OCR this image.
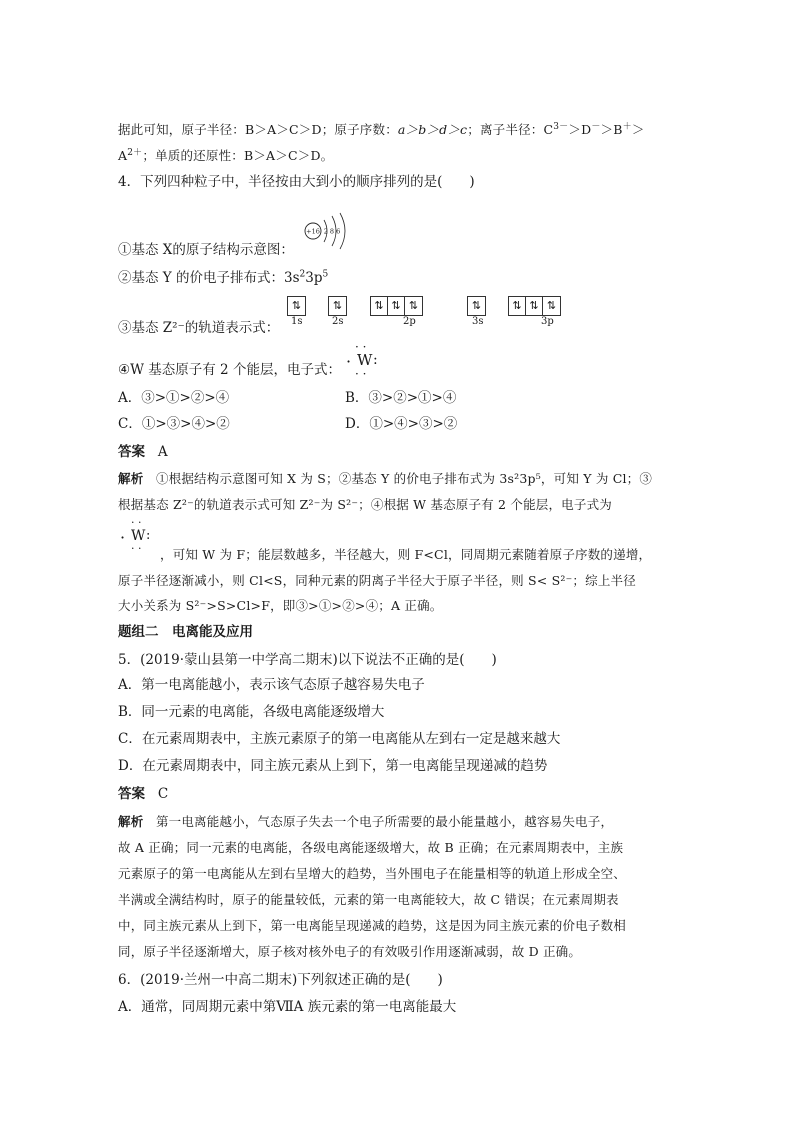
据此可知，原子半径：B＞A＞C＞D；原子序数：a＞b＞d＞c；离子半径：$C^{3-}>D^->B^+>$
$A^{2+}$；单质的还原性：B＞A＞C＞D。
4．下列四种粒子中，半径按由大到小的顺序排列的是(　　)
+16 2 8 6
①基态 X的原子结构示意图：
②基态 Y 的价电子排布式：$3s^23p^5$
③基态 Z²⁻的轨道表示式：
⇅	⇅	⇅ ⇅ ⇅	⇅	⇅ ⇅ ⇅
1s	2s	2p	3s	3p
④W 基态原子有 2 个能层，电子式：
· ·
· W :
· ·
A．③>①>②>④	B．③>②>①>④
C．①>③>④>②	D．①>④>③>②
答案 A
解析 ①根据结构示意图可知 X 为 S；②基态 Y 的价电子排布式为 3s²3p⁵，可知 Y 为 Cl；③
根据基态 Z²⁻的轨道表示式可知 Z²⁻为 S²⁻；④根据 W 基态原子有 2 个能层，电子式为
· ·
· W :
· · ，可知 W 为 F；能层数越多，半径越大，则 F<Cl，同周期元素随着原子序数的递增，
原子半径逐渐减小，则 Cl<S，同种元素的阴离子半径大于原子半径，则 S< S²⁻；综上半径
大小关系为 S²⁻>S>Cl>F，即③>①>②>④；A 正确。
题组二　电离能及应用
5．(2019·蒙山县第一中学高二期末)以下说法不正确的是(　　)
A．第一电离能越小，表示该气态原子越容易失电子
B．同一元素的电离能，各级电离能逐级增大
C．在元素周期表中，主族元素原子的第一电离能从左到右一定是越来越大
D．在元素周期表中，同主族元素从上到下，第一电离能呈现递减的趋势
答案 C
解析 第一电离能越小，气态原子失去一个电子所需要的最小能量越小，越容易失电子，
故 A 正确；同一元素的电离能，各级电离能逐级增大，故 B 正确；在元素周期表中，主族
元素原子的第一电离能从左到右呈增大的趋势，当外围电子在能量相等的轨道上形成全空、
半满或全满结构时，原子的能量较低，元素的第一电离能较大，故 C 错误；在元素周期表
中，同主族元素从上到下，第一电离能呈现递减的趋势，这是因为同主族元素的价电子数相
同，原子半径逐渐增大，原子核对核外电子的有效吸引作用逐渐减弱，故 D 正确。
6．(2019·兰州一中高二期末)下列叙述正确的是(　　)
A．通常，同周期元素中第ⅦA 族元素的第一电离能最大
